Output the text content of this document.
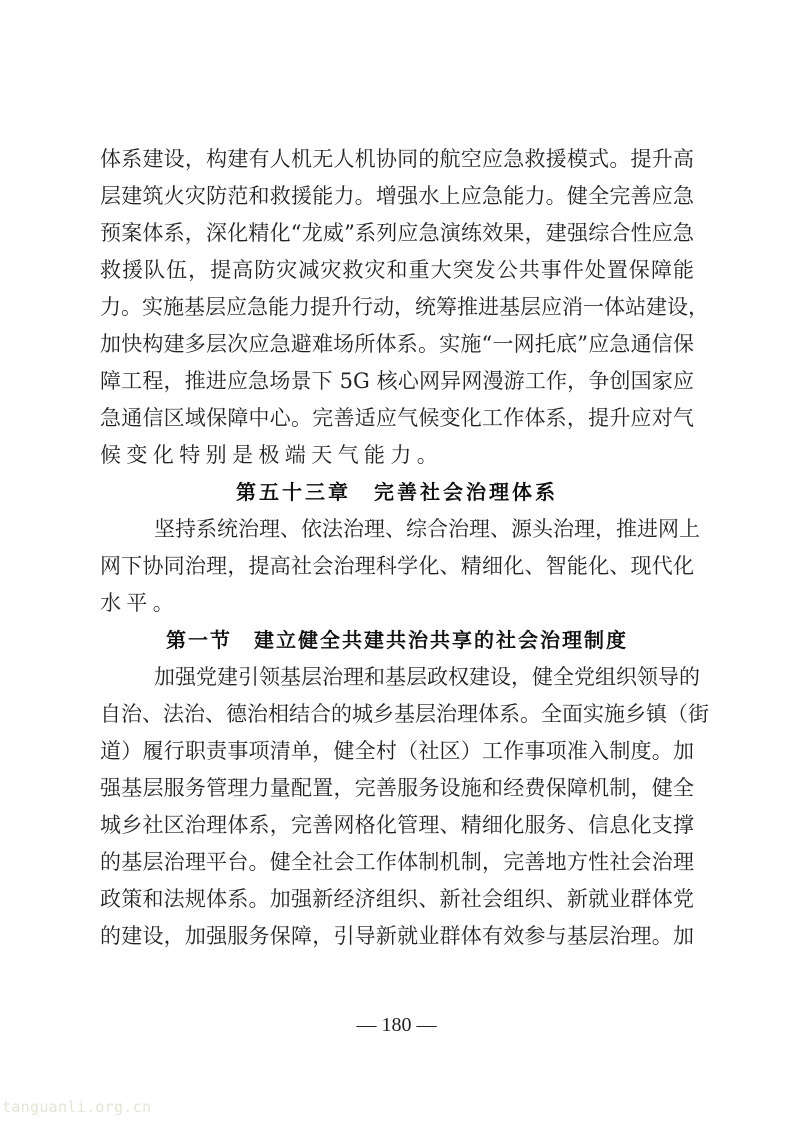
体系建设，构建有人机无人机协同的航空应急救援模式。提升高
层建筑火灾防范和救援能力。增强水上应急能力。健全完善应急
预案体系，深化精化“龙威”系列应急演练效果，建强综合性应急
救援队伍，提高防灾减灾救灾和重大突发公共事件处置保障能
力。实施基层应急能力提升行动，统筹推进基层应消一体站建设，
加快构建多层次应急避难场所体系。实施“一网托底”应急通信保
障工程，推进应急场景下 5G 核心网异网漫游工作，争创国家应
急通信区域保障中心。完善适应气候变化工作体系，提升应对气
候变化特别是极端天气能力。
第五十三章　完善社会治理体系
坚持系统治理、依法治理、综合治理、源头治理，推进网上
网下协同治理，提高社会治理科学化、精细化、智能化、现代化
水平。
第一节　建立健全共建共治共享的社会治理制度
加强党建引领基层治理和基层政权建设，健全党组织领导的
自治、法治、德治相结合的城乡基层治理体系。全面实施乡镇（街
道）履行职责事项清单，健全村（社区）工作事项准入制度。加
强基层服务管理力量配置，完善服务设施和经费保障机制，健全
城乡社区治理体系，完善网格化管理、精细化服务、信息化支撑
的基层治理平台。健全社会工作体制机制，完善地方性社会治理
政策和法规体系。加强新经济组织、新社会组织、新就业群体党
的建设，加强服务保障，引导新就业群体有效参与基层治理。加
— 180 —
tanguanli.org.cn
